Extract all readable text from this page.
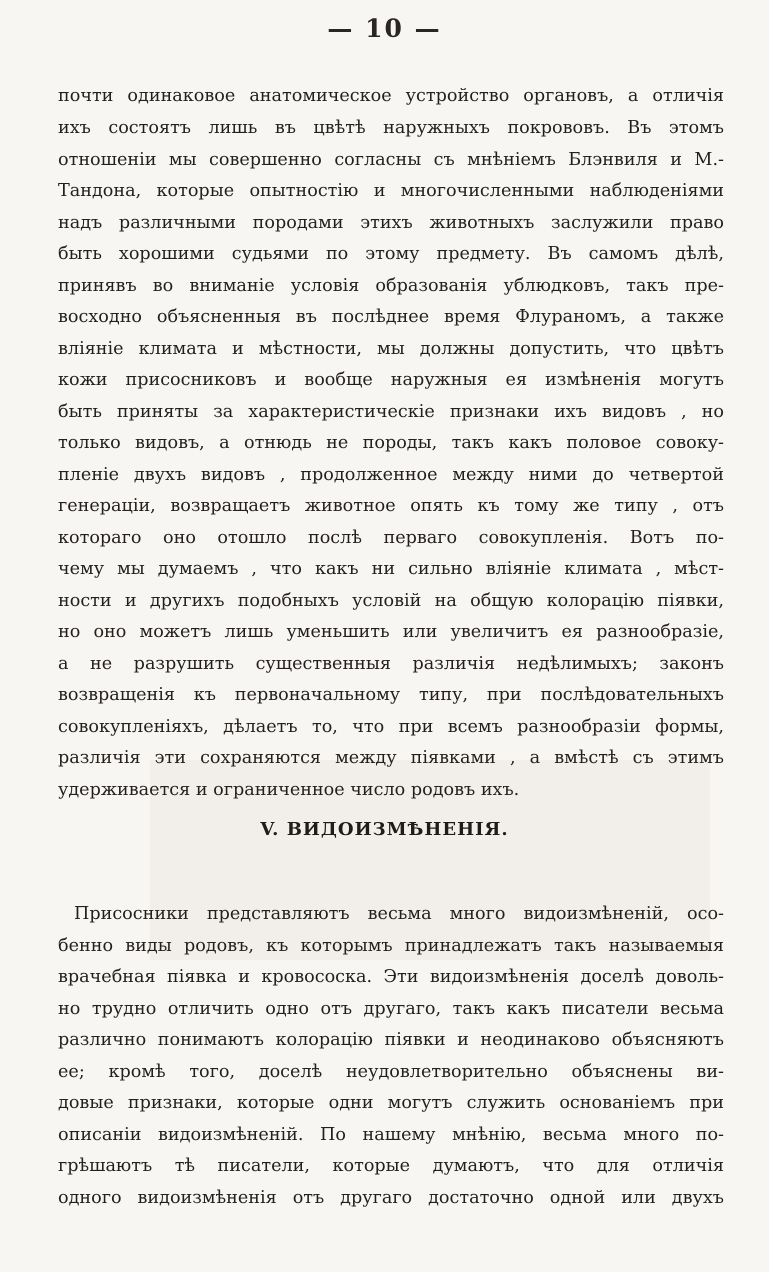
— 10 —
почти одинаковое анатомическое устройство органовъ, а отличія
ихъ состоятъ лишь въ цвѣтѣ наружныхъ покрововъ. Въ этомъ
отношеніи мы совершенно согласны съ мнѣніемъ Блэнвиля и М.-
Тандона, которые опытностію и многочисленными наблюденіями
надъ различными породами этихъ животныхъ заслужили право
быть хорошими судьями по этому предмету. Въ самомъ дѣлѣ,
принявъ во вниманіе условія образованія ублюдковъ, такъ пре-
восходно объясненныя въ послѣднее время Флураномъ, а также
вліяніе климата и мѣстности, мы должны допустить, что цвѣтъ
кожи присосниковъ и вообще наружныя ея измѣненія могутъ
быть приняты за характеристическіе признаки ихъ видовъ , но
только видовъ, а отнюдь не породы, такъ какъ половое совоку-
пленіе двухъ видовъ , продолженное между ними до четвертой
генераціи, возвращаетъ животное опять къ тому же типу , отъ
котораго оно отошло послѣ перваго совокупленія. Вотъ по-
чему мы думаемъ , что какъ ни сильно вліяніе климата , мѣст-
ности и другихъ подобныхъ условій на общую колорацію піявки,
но оно можетъ лишь уменьшить или увеличитъ ея разнообразіе,
а не разрушить существенныя различія недѣлимыхъ; законъ
возвращенія къ первоначальному типу, при послѣдовательныхъ
совокупленіяхъ, дѣлаетъ то, что при всемъ разнообразіи формы,
различія эти сохраняются между піявками , а вмѣстѣ съ этимъ
удерживается и ограниченное число родовъ ихъ.
V. ВИДОИЗМѢНЕНІЯ.
Присосники представляютъ весьма много видоизмѣненій, осо-
бенно виды родовъ, къ которымъ принадлежатъ такъ называемыя
врачебная піявка и кровососка. Эти видоизмѣненія доселѣ доволь-
но трудно отличить одно отъ другаго, такъ какъ писатели весьма
различно понимаютъ колорацію піявки и неодинаково объясняютъ
ее; кромѣ того, доселѣ неудовлетворительно объяснены ви-
довые признаки, которые одни могутъ служить основаніемъ при
описаніи видоизмѣненій. По нашему мнѣнію, весьма много по-
грѣшаютъ тѣ писатели, которые думаютъ, что для отличія
одного видоизмѣненія отъ другаго достаточно одной или двухъ
